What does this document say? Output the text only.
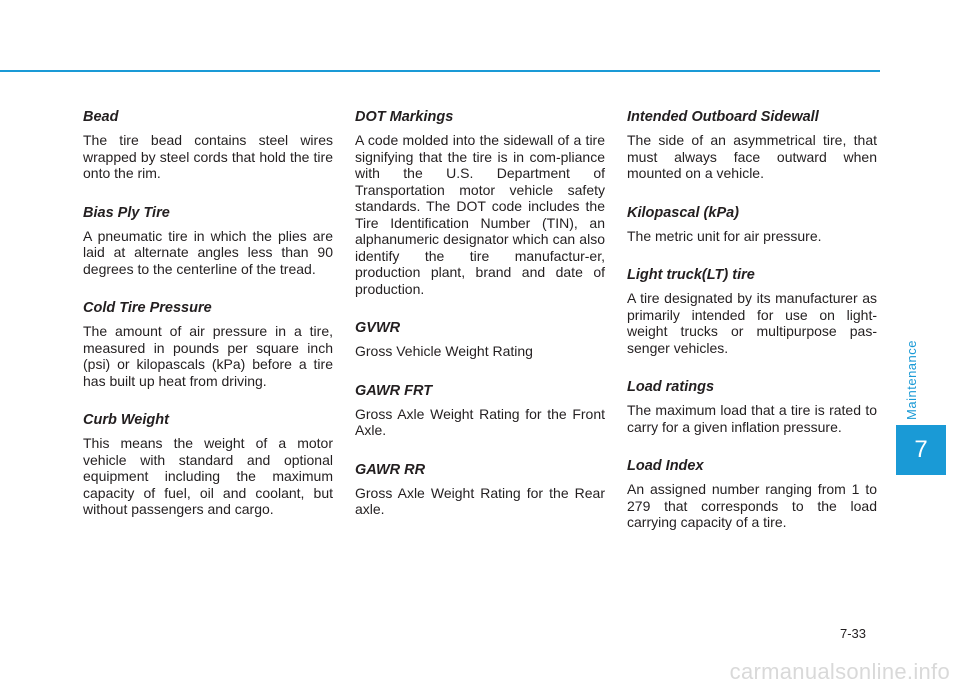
Bead

The tire bead contains steel wires wrapped by steel cords that hold the tire onto the rim.

Bias Ply Tire

A pneumatic tire in which the plies are laid at alternate angles less than 90 degrees to the centerline of the tread.

Cold Tire Pressure

The amount of air pressure in a tire, measured in pounds per square inch (psi) or kilopascals (kPa) before a tire has built up heat from driving.

Curb Weight

This means the weight of a motor vehicle with standard and optional equipment including the maximum capacity of fuel, oil and coolant, but without passengers and cargo.

DOT Markings

A code molded into the sidewall of a tire signifying that the tire is in com-pliance with the U.S. Department of Transportation motor vehicle safety standards. The DOT code includes the Tire Identification Number (TIN), an alphanumeric designator which can also identify the tire manufactur-er, production plant, brand and date of production.

GVWR

Gross Vehicle Weight Rating

GAWR FRT

Gross Axle Weight Rating for the Front Axle.

GAWR RR

Gross Axle Weight Rating for the Rear axle.

Intended Outboard Sidewall

The side of an asymmetrical tire, that must always face outward when mounted on a vehicle.

Kilopascal (kPa)

The metric unit for air pressure.

Light truck(LT) tire

A tire designated by its manufacturer as primarily intended for use on light-weight trucks or multipurpose pas-senger vehicles.

Load ratings

The maximum load that a tire is rated to carry for a given inflation pressure.

Load Index

An assigned number ranging from 1 to 279 that corresponds to the load carrying capacity of a tire.

Maintenance
7
7-33
carmanualsonline.info
